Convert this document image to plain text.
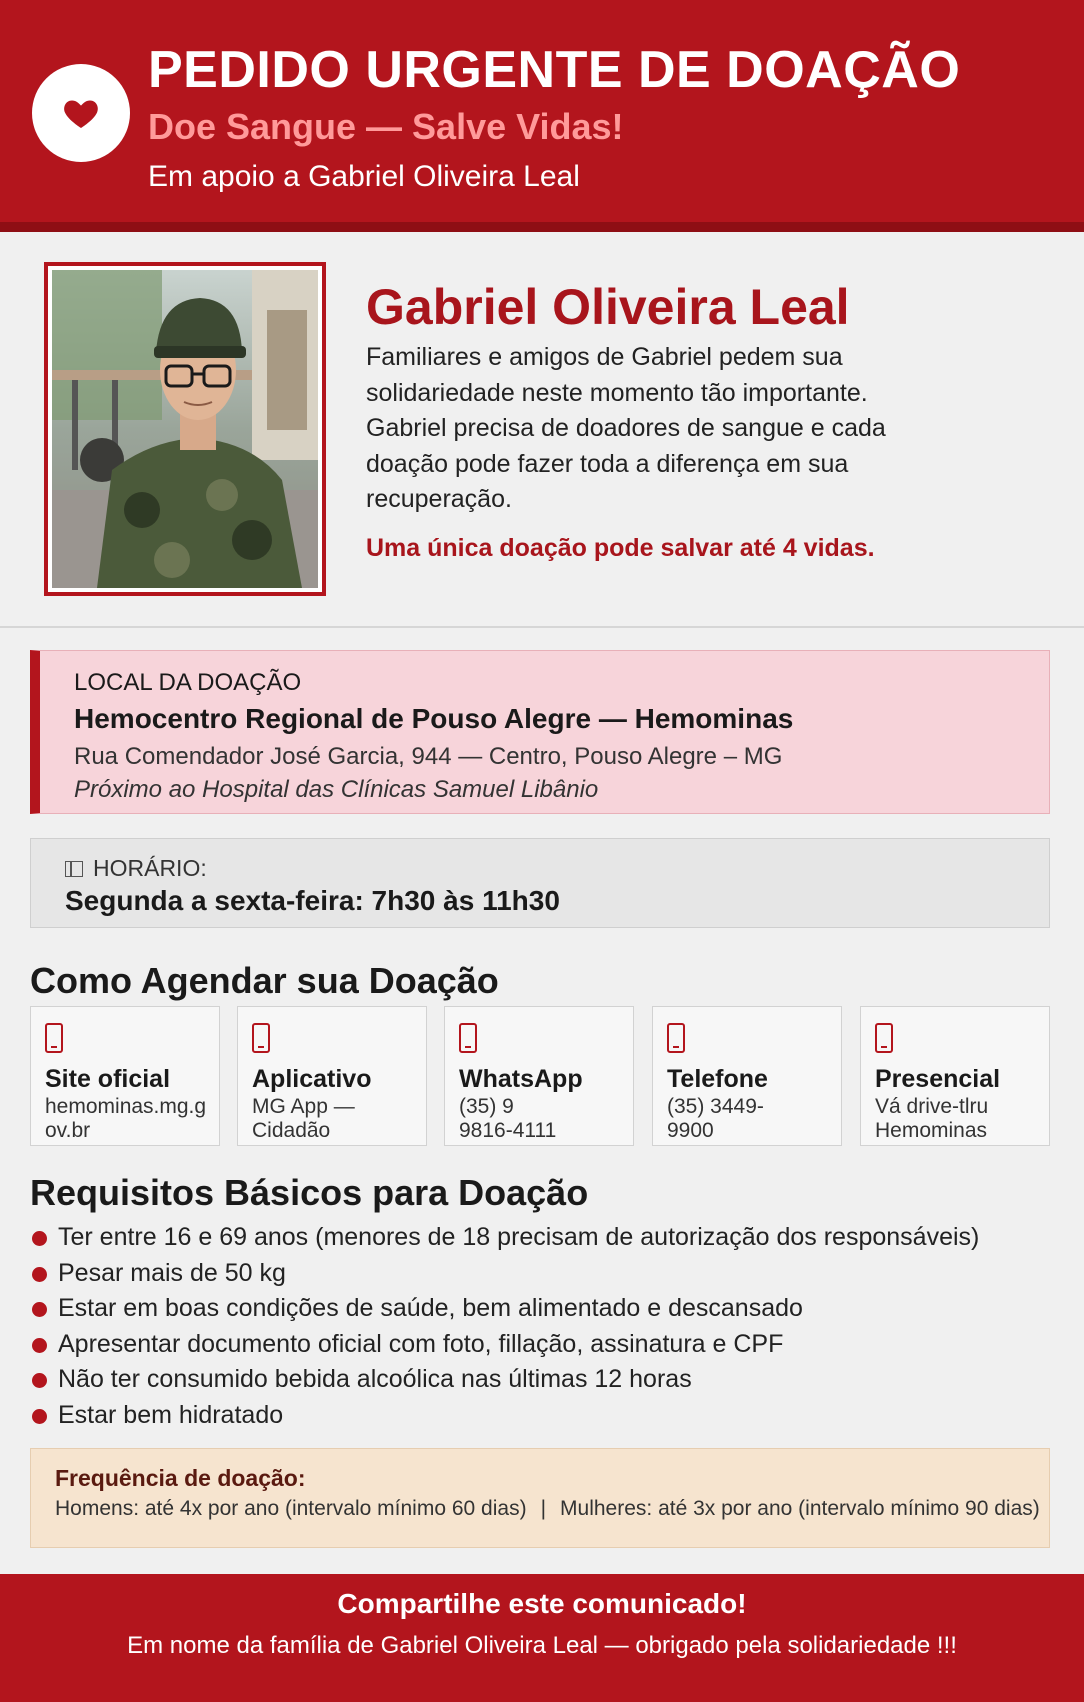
PEDIDO URGENTE DE DOAÇÃO
Doe Sangue — Salve Vidas!
Em apoio a Gabriel Oliveira Leal
Gabriel Oliveira Leal
Familiares e amigos de Gabriel pedem sua solidariedade neste momento tão importante. Gabriel precisa de doadores de sangue e cada doação pode fazer toda a diferença em sua recuperação.
Uma única doação pode salvar até 4 vidas.
LOCAL DA DOAÇÃO
Hemocentro Regional de Pouso Alegre — Hemominas
Rua Comendador José Garcia, 944 — Centro, Pouso Alegre – MG
Próximo ao Hospital das Clínicas Samuel Libânio
HORÁRIO:
Segunda a sexta-feira: 7h30 às 11h30
Como Agendar sua Doação
Site oficial
hemominas.mg.gov.br
Aplicativo
MG App — Cidadão
WhatsApp
(35) 9 9816-4111
Telefone
(35) 3449-9900
Presencial
Vá drive-tlru Hemominas
Requisitos Básicos para Doação
Ter entre 16 e 69 anos (menores de 18 precisam de autorização dos responsáveis)
Pesar mais de 50 kg
Estar em boas condições de saúde, bem alimentado e descansado
Apresentar documento oficial com foto, fillação, assinatura e CPF
Não ter consumido bebida alcoólica nas últimas 12 horas
Estar bem hidratado
Frequência de doação:
Homens: até 4x por ano (intervalo mínimo 60 dias) | Mulheres: até 3x por ano (intervalo mínimo 90 dias)
Compartilhe este comunicado!
Em nome da família de Gabriel Oliveira Leal — obrigado pela solidariedade !!!
